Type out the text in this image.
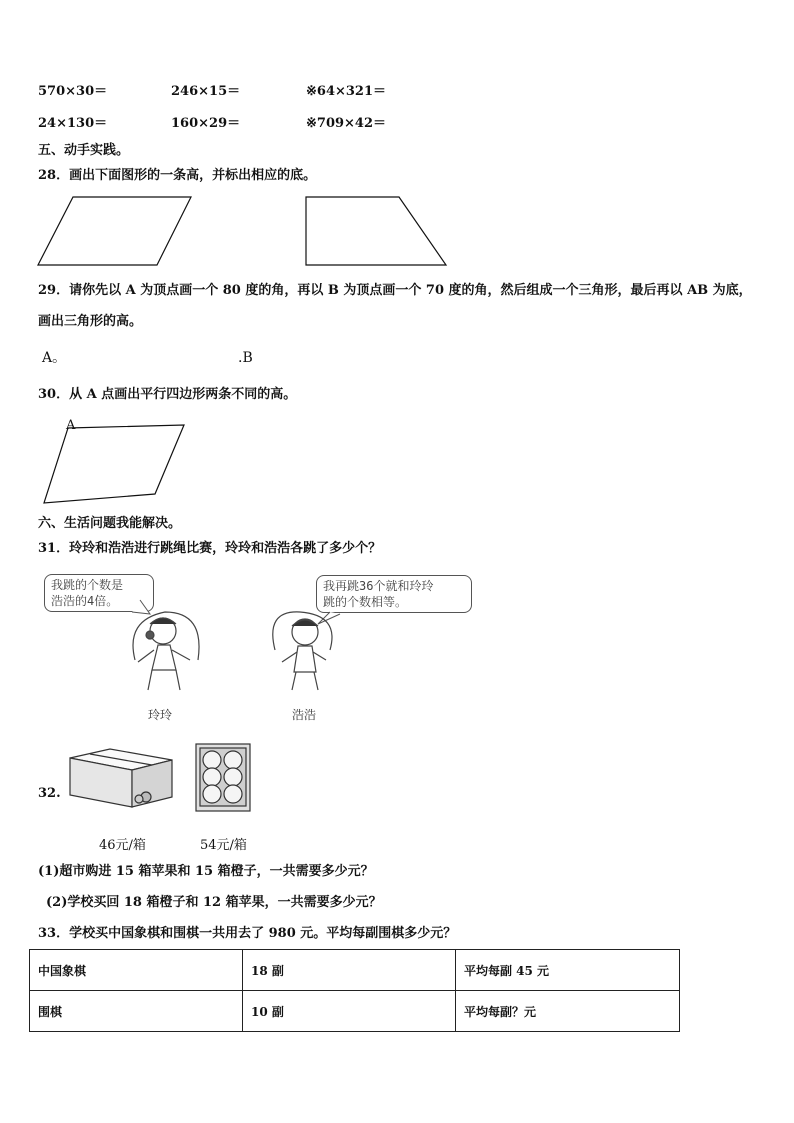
570×30＝	246×15＝	※64×321＝
24×130＝	160×29＝	※709×42＝
五、动手实践。
28．画出下面图形的一条高，并标出相应的底。
29．请你先以 A 为顶点画一个 80 度的角，再以 B 为顶点画一个 70 度的角，然后组成一个三角形，最后再以 AB 为底，
画出三角形的高。
A。	.B
30．从 A 点画出平行四边形两条不同的高。
A
六、生活问题我能解决。
31．玲玲和浩浩进行跳绳比赛，玲玲和浩浩各跳了多少个？
我跳的个数是
浩浩的4倍。
我再跳36个就和玲玲
跳的个数相等。
玲玲	浩浩
32.
46元/箱	54元/箱
(1)超市购进 15 箱苹果和 15 箱橙子，一共需要多少元？
(2)学校买回 18 箱橙子和 12 箱苹果，一共需要多少元？
33．学校买中国象棋和围棋一共用去了 980 元。平均每副围棋多少元？
中国象棋	18 副	平均每副 45 元
围棋	10 副	平均每副？元
